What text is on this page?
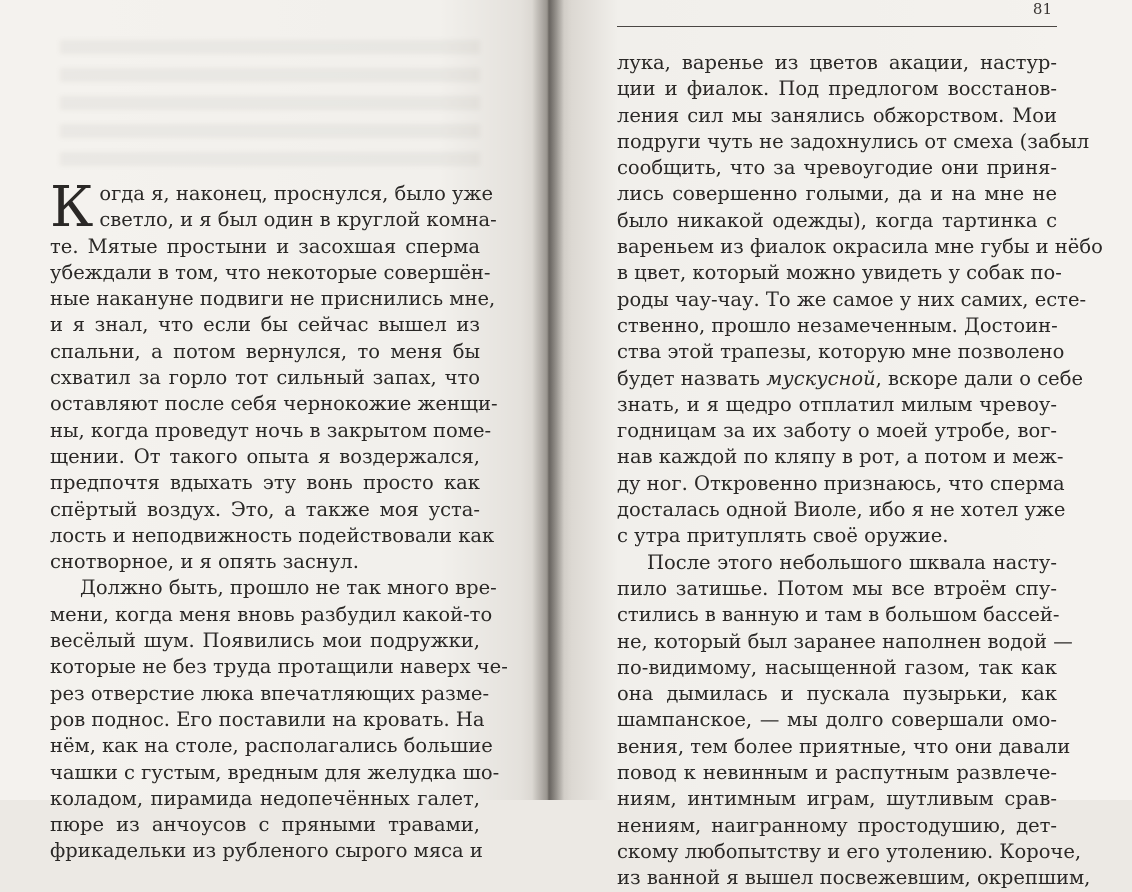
К огда я, наконец, проснулся, было уже
светло, и я был один в круглой комна-
те. Мятые простыни и засохшая сперма
убеждали в том, что некоторые совершён-
ные накануне подвиги не приснились мне,
и я знал, что если бы сейчас вышел из
спальни, а потом вернулся, то меня бы
схватил за горло тот сильный запах, что
оставляют после себя чернокожие женщи-
ны, когда проведут ночь в закрытом поме-
щении. От такого опыта я воздержался,
предпочтя вдыхать эту вонь просто как
спёртый воздух. Это, а также моя уста-
лость и неподвижность подействовали как
снотворное, и я опять заснул.
Должно быть, прошло не так много вре-
мени, когда меня вновь разбудил какой-то
весёлый шум. Появились мои подружки,
которые не без труда протащили наверх че-
рез отверстие люка впечатляющих разме-
ров поднос. Его поставили на кровать. На
нём, как на столе, располагались большие
чашки с густым, вредным для желудка шо-
коладом, пирамида недопечённых галет,
пюре из анчоусов с пряными травами,
фрикадельки из рубленого сырого мяса и
81
лука, варенье из цветов акации, настур-
ции и фиалок. Под предлогом восстанов-
ления сил мы занялись обжорством. Мои
подруги чуть не задохнулись от смеха (забыл
сообщить, что за чревоугодие они приня-
лись совершенно голыми, да и на мне не
было никакой одежды), когда тартинка с
вареньем из фиалок окрасила мне губы и нёбо
в цвет, который можно увидеть у собак по-
роды чау-чау. То же самое у них самих, есте-
ственно, прошло незамеченным. Достоин-
ства этой трапезы, которую мне позволено
будет назвать мускусной, вскоре дали о себе
знать, и я щедро отплатил милым чревоу-
годницам за их заботу о моей утробе, вог-
нав каждой по кляпу в рот, а потом и меж-
ду ног. Откровенно признаюсь, что сперма
досталась одной Виоле, ибо я не хотел уже
с утра притуплять своё оружие.
После этого небольшого шквала насту-
пило затишье. Потом мы все втроём спу-
стились в ванную и там в большом бассей-
не, который был заранее наполнен водой —
по-видимому, насыщенной газом, так как
она дымилась и пускала пузырьки, как
шампанское, — мы долго совершали омо-
вения, тем более приятные, что они давали
повод к невинным и распутным развлече-
ниям, интимным играм, шутливым срав-
нениям, наигранному простодушию, дет-
скому любопытству и его утолению. Короче,
из ванной я вышел посвежевшим, окрепшим,
